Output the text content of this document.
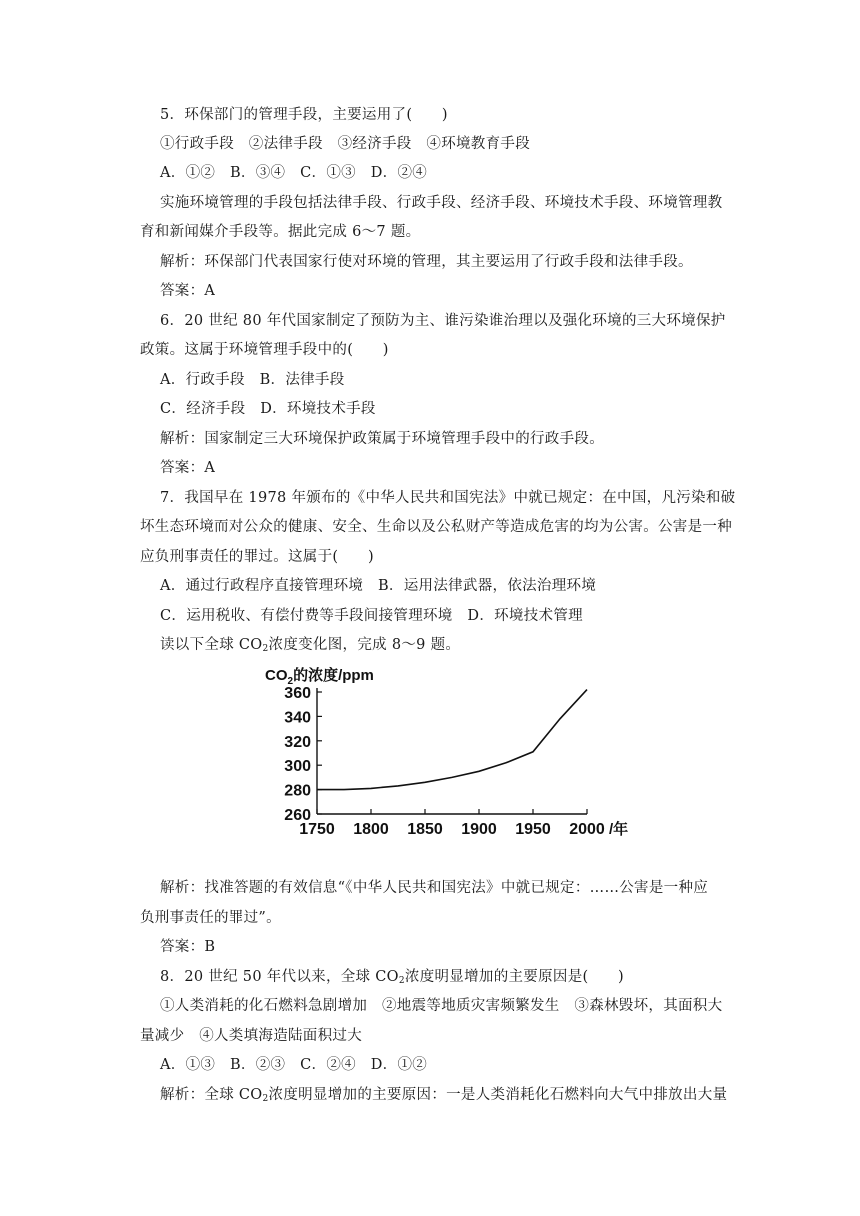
5．环保部门的管理手段，主要运用了(　　)
①行政手段　②法律手段　③经济手段　④环境教育手段
A．①②　B．③④　C．①③　D．②④
实施环境管理的手段包括法律手段、行政手段、经济手段、环境技术手段、环境管理教
育和新闻媒介手段等。据此完成 6～7 题。
解析：环保部门代表国家行使对环境的管理，其主要运用了行政手段和法律手段。
答案：A
6．20 世纪 80 年代国家制定了预防为主、谁污染谁治理以及强化环境的三大环境保护
政策。这属于环境管理手段中的(　　)
A．行政手段　B．法律手段
C．经济手段　D．环境技术手段
解析：国家制定三大环境保护政策属于环境管理手段中的行政手段。
答案：A
7．我国早在 1978 年颁布的《中华人民共和国宪法》中就已规定：在中国，凡污染和破
坏生态环境而对公众的健康、安全、生命以及公私财产等造成危害的均为公害。公害是一种
应负刑事责任的罪过。这属于(　　)
A．通过行政程序直接管理环境　B．运用法律武器，依法治理环境
C．运用税收、有偿付费等手段间接管理环境　D．环境技术管理
读以下全球 $CO_2$浓度变化图，完成 8～9 题。
$CO_2$的浓度/ppm
360
340
320
300
280
260
1750 1800 1850 1900 1950 2000 /年
解析：找准答题的有效信息“《中华人民共和国宪法》中就已规定：……公害是一种应
负刑事责任的罪过”。
答案：B
8．20 世纪 50 年代以来，全球 $CO_2$浓度明显增加的主要原因是(　　)
①人类消耗的化石燃料急剧增加　②地震等地质灾害频繁发生　③森林毁坏，其面积大
量减少　④人类填海造陆面积过大
A．①③　B．②③　C．②④　D．①②
解析：全球 $CO_2$浓度明显增加的主要原因：一是人类消耗化石燃料向大气中排放出大量
